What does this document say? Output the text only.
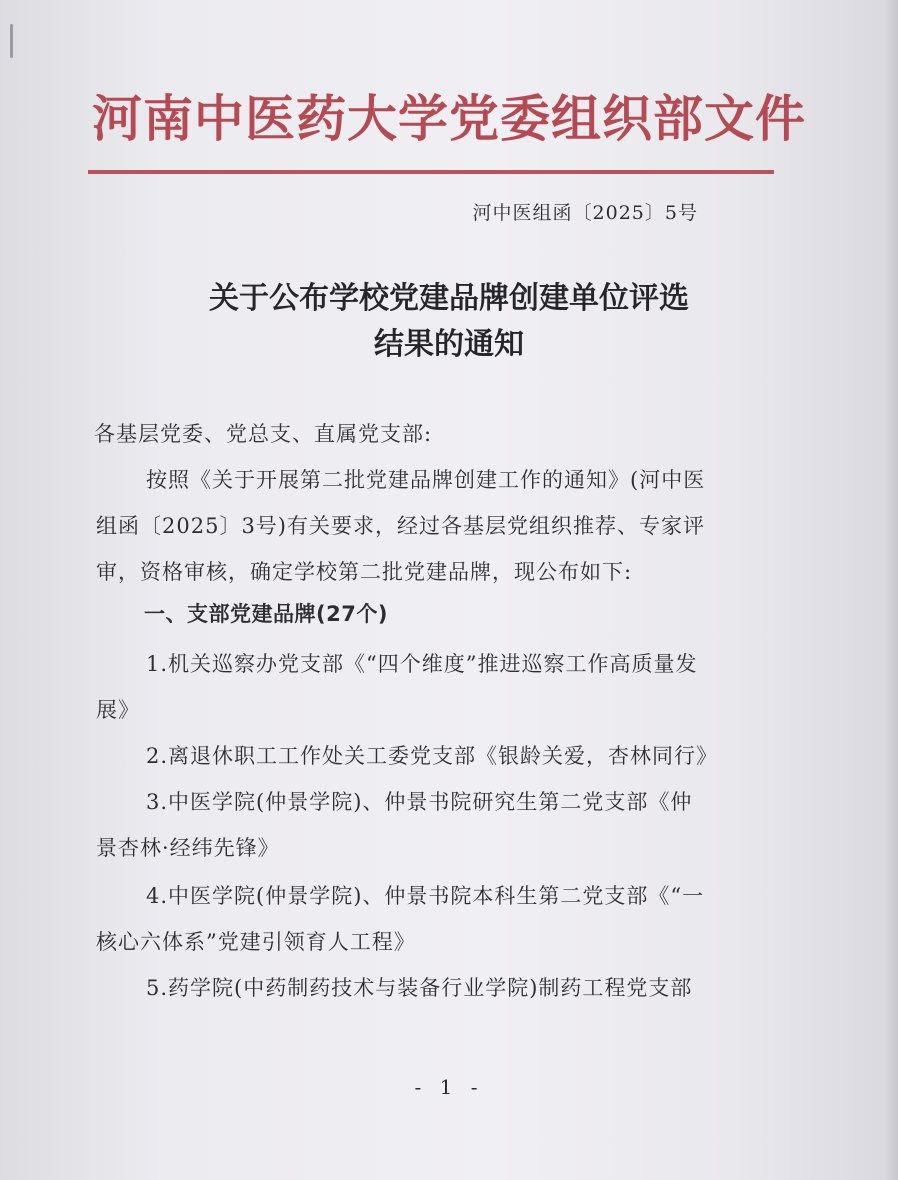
河南中医药大学党委组织部文件
河中医组函〔2025〕5号
关于公布学校党建品牌创建单位评选
结果的通知
各基层党委、党总支、直属党支部:
按照《关于开展第二批党建品牌创建工作的通知》(河中医
组函〔2025〕3号)有关要求，经过各基层党组织推荐、专家评
审，资格审核，确定学校第二批党建品牌，现公布如下:
一、支部党建品牌(27个)
1.机关巡察办党支部《“四个维度”推进巡察工作高质量发
展》
2.离退休职工工作处关工委党支部《银龄关爱，杏林同行》
3.中医学院(仲景学院)、仲景书院研究生第二党支部《仲
景杏林·经纬先锋》
4.中医学院(仲景学院)、仲景书院本科生第二党支部《“一
核心六体系”党建引领育人工程》
5.药学院(中药制药技术与装备行业学院)制药工程党支部
- 1 -
